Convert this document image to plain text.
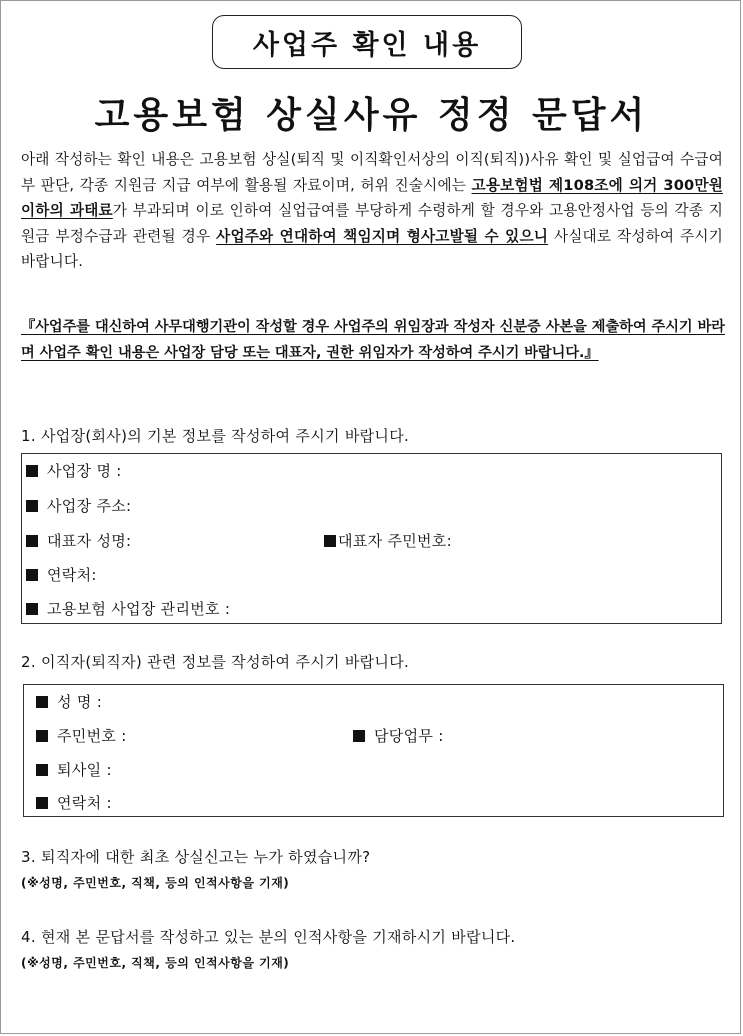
사업주 확인 내용
고용보험 상실사유 정정 문답서
아래 작성하는 확인 내용은 고용보험 상실(퇴직 및 이직확인서상의 이직(퇴직))사유 확인 및 실업급여 수급여부 판단, 각종 지원금 지급 여부에 활용될 자료이며, 허위 진술시에는 고용보험법 제108조에 의거 300만원 이하의 과태료가 부과되며 이로 인하여 실업급여를 부당하게 수령하게 할 경우와 고용안정사업 등의 각종 지원금 부정수급과 관련될 경우 사업주와 연대하여 책임지며 형사고발될 수 있으니 사실대로 작성하여 주시기 바랍니다.
『사업주를 대신하여 사무대행기관이 작성할 경우 사업주의 위임장과 작성자 신분증 사본을 제출하여 주시기 바라며 사업주 확인 내용은 사업장 담당 또는 대표자, 권한 위임자가 작성하여 주시기 바랍니다.』
1. 사업장(회사)의 기본 정보를 작성하여 주시기 바랍니다.
사업장 명 :
사업장 주소:
대표자 성명:	대표자 주민번호:
연락처:
고용보험 사업장 관리번호 :
2. 이직자(퇴직자) 관련 정보를 작성하여 주시기 바랍니다.
성 명 :
주민번호 :	담당업무 :
퇴사일 :
연락처 :
3. 퇴직자에 대한 최초 상실신고는 누가 하였습니까?
(※성명, 주민번호, 직책, 등의 인적사항을 기재)
4. 현재 본 문답서를 작성하고 있는 분의 인적사항을 기재하시기 바랍니다.
(※성명, 주민번호, 직책, 등의 인적사항을 기재)
